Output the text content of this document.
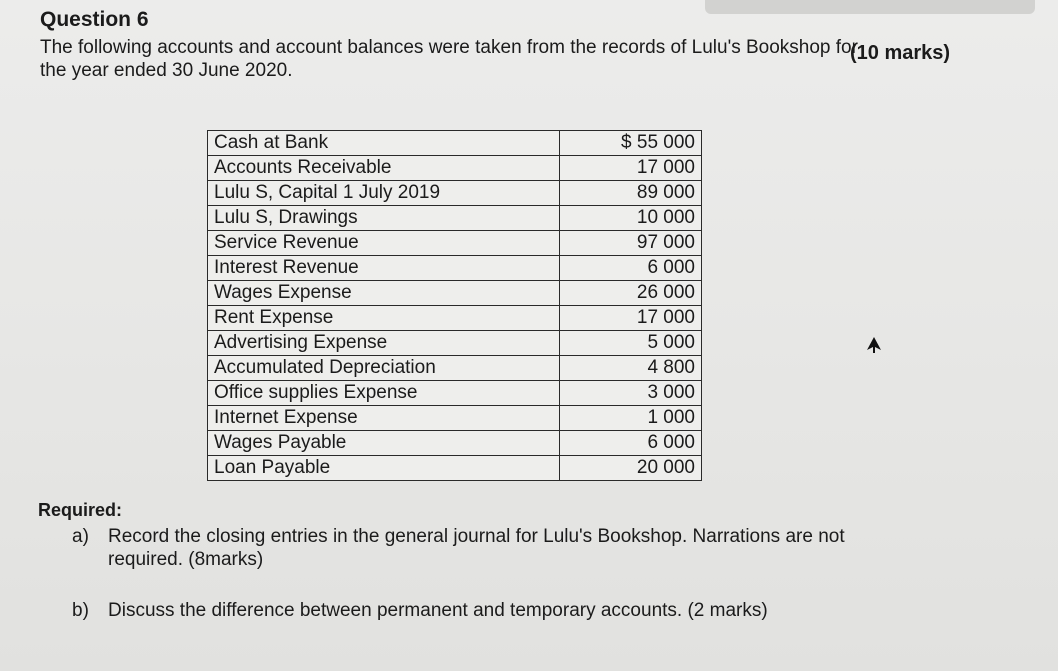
Question 6
(10 marks)
The following accounts and account balances were taken from the records of Lulu's Bookshop for
the year ended 30 June 2020.
Cash at Bank	$ 55 000
Accounts Receivable	17 000
Lulu S, Capital 1 July 2019	89 000
Lulu S, Drawings	10 000
Service Revenue	97 000
Interest Revenue	6 000
Wages Expense	26 000
Rent Expense	17 000
Advertising Expense	5 000
Accumulated Depreciation	4 800
Office supplies Expense	3 000
Internet Expense	1 000
Wages Payable	6 000
Loan Payable	20 000
Required:
a) Record the closing entries in the general journal for Lulu's Bookshop. Narrations are not
required. (8marks)
b) Discuss the difference between permanent and temporary accounts. (2 marks)
